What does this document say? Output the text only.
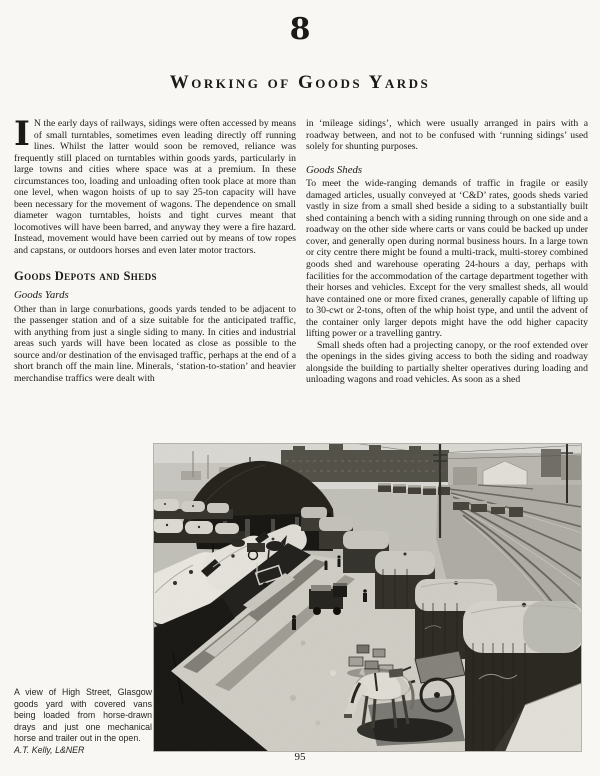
8
Working of Goods Yards

I N the early days of railways, sidings were often accessed by means of small turntables, sometimes even leading directly off running lines. Whilst the latter would soon be removed, reliance was frequently still placed on turntables within goods yards, particularly in large towns and cities where space was at a premium. In these circumstances too, loading and unloading often took place at more than one level, when wagon hoists of up to say 25-ton capacity will have been necessary for the movement of wagons. The dependence on small diameter wagon turntables, hoists and tight curves meant that locomotives will have been barred, and anyway they were a fire hazard. Instead, movement would have been carried out by means of tow ropes and capstans, or outdoors horses and even later motor tractors.

Goods Depots and Sheds
Goods Yards

Other than in large conurbations, goods yards tended to be adjacent to the passenger station and of a size suitable for the anticipated traffic, with anything from just a single siding to many. In cities and industrial areas such yards will have been located as close as possible to the source and/or destination of the envisaged traffic, perhaps at the end of a short branch off the main line. Minerals, ‘station-to-station’ and heavier merchandise traffics were dealt with

in ‘mileage sidings’, which were usually arranged in pairs with a roadway between, and not to be confused with ‘running sidings’ used solely for shunting purposes.

Goods Sheds

To meet the wide-ranging demands of traffic in fragile or easily damaged articles, usually conveyed at ‘C&D’ rates, goods sheds varied vastly in size from a small shed beside a siding to a substantially built shed containing a bench with a siding running through on one side and a roadway on the other side where carts or vans could be backed up under cover, and generally open during normal business hours. In a large town or city centre there might be found a multi-track, multi-storey combined goods shed and warehouse operating 24-hours a day, perhaps with facilities for the accommodation of the cartage department together with their horses and vehicles. Except for the very smallest sheds, all would have contained one or more fixed cranes, generally capable of lifting up to 30-cwt or 2-tons, often of the whip hoist type, and until the advent of the container only larger depots might have the odd higher capacity lifting power or a travelling gantry.

Small sheds often had a projecting canopy, or the roof extended over the openings in the sides giving access to both the siding and roadway alongside the building to partially shelter operatives during loading and unloading wagons and road vehicles. As soon as a shed

A view of High Street, Glasgow goods yard with covered vans being loaded from horse-drawn drays and just one mechanical horse and trailer out in the open.
A.T. Kelly, L&NER
95
